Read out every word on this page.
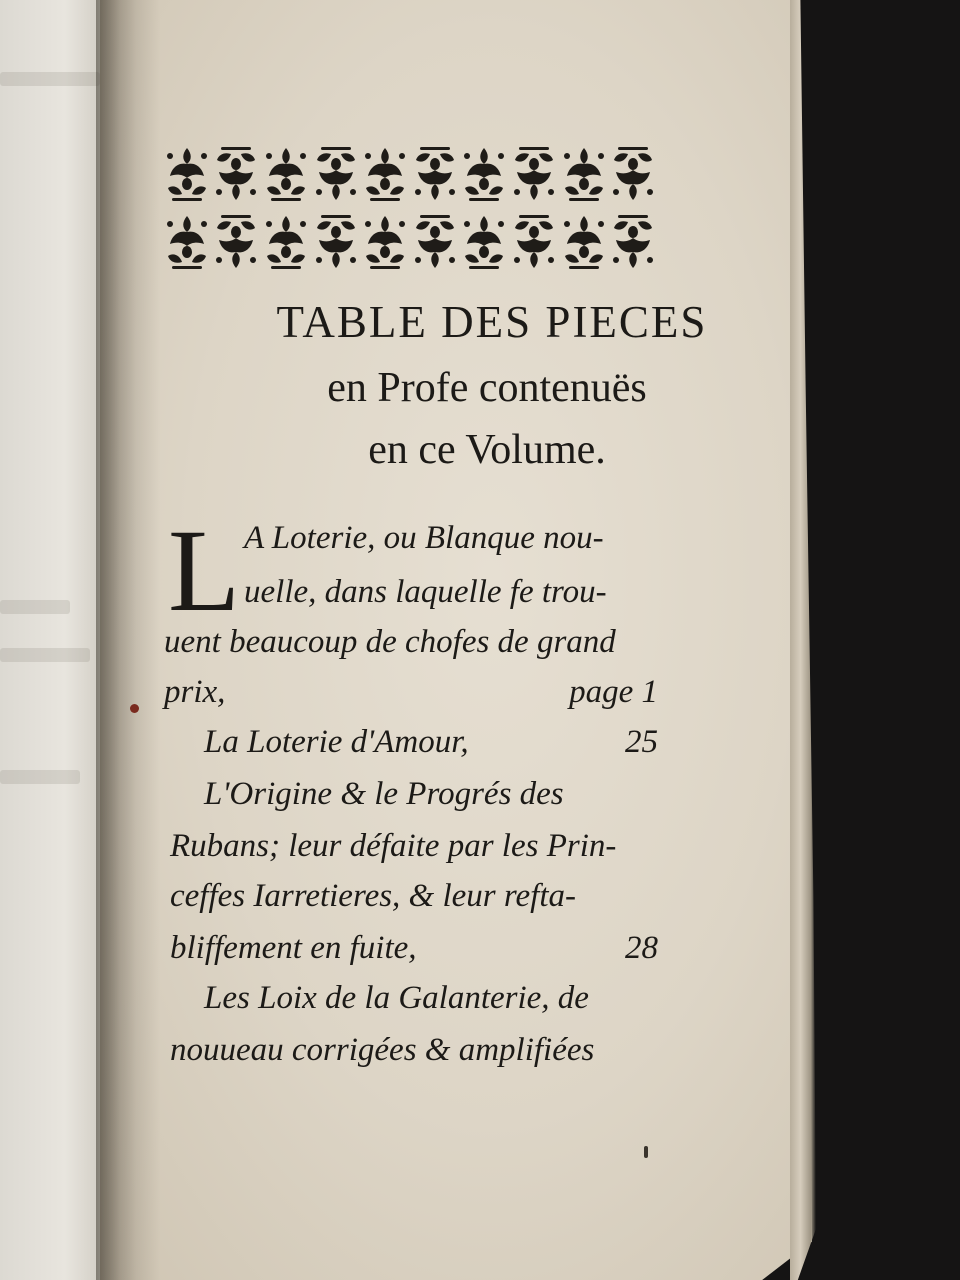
TABLE DES PIECES
en Profe contenuës
en ce Volume.
L A Loterie, ou Blanque nou-
uelle, dans laquelle fe trou-
uent beaucoup de chofes de grand
prix,	page 1
La Loterie d'Amour,	25
L'Origine & le Progrés des
Rubans; leur défaite par les Prin-
ceffes Iarretieres, & leur refta-
bliffement en fuite,	28
Les Loix de la Galanterie, de
nouueau corrigées & amplifiées
